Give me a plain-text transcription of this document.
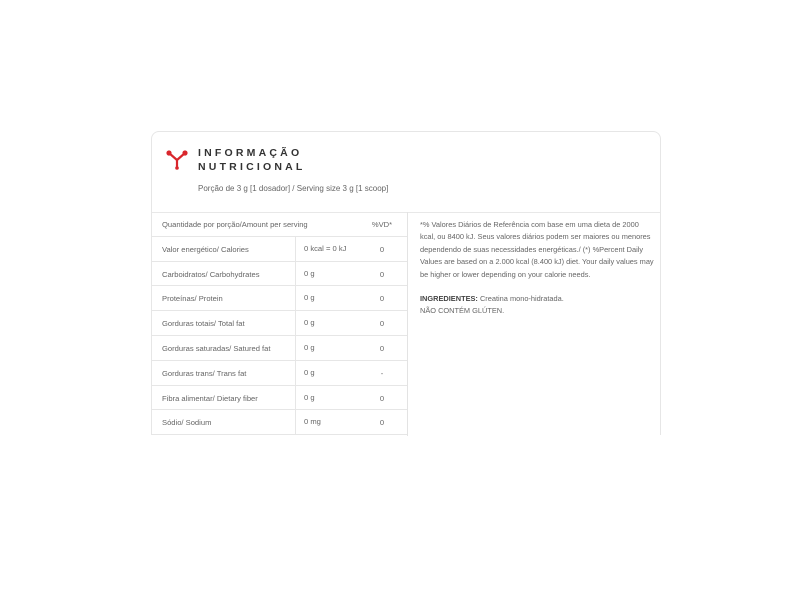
INFORMAÇÃO
NUTRICIONAL
Porção de 3 g [1 dosador] / Serving size 3 g [1 scoop]
Quantidade por porção/Amount per serving	%VD*
Valor energético/ Calories	0 kcal = 0 kJ	0
Carboidratos/ Carbohydrates	0 g	0
Proteínas/ Protein	0 g	0
Gorduras totais/ Total fat	0 g	0
Gorduras saturadas/ Satured fat	0 g	0
Gorduras trans/ Trans fat	0 g	-
Fibra alimentar/ Dietary fiber	0 g	0
Sódio/ Sodium	0 mg	0

*% Valores Diários de Referência com base em uma dieta de 2000 kcal, ou 8400 kJ. Seus valores diários podem ser maiores ou menores dependendo de suas necessidades energéticas./ (*) %Percent Daily Values are based on a 2.000 kcal (8.400 kJ) diet. Your daily values may be higher or lower depending on your calorie needs.

INGREDIENTES: Creatina mono-hidratada.
NÃO CONTÉM GLÚTEN.
